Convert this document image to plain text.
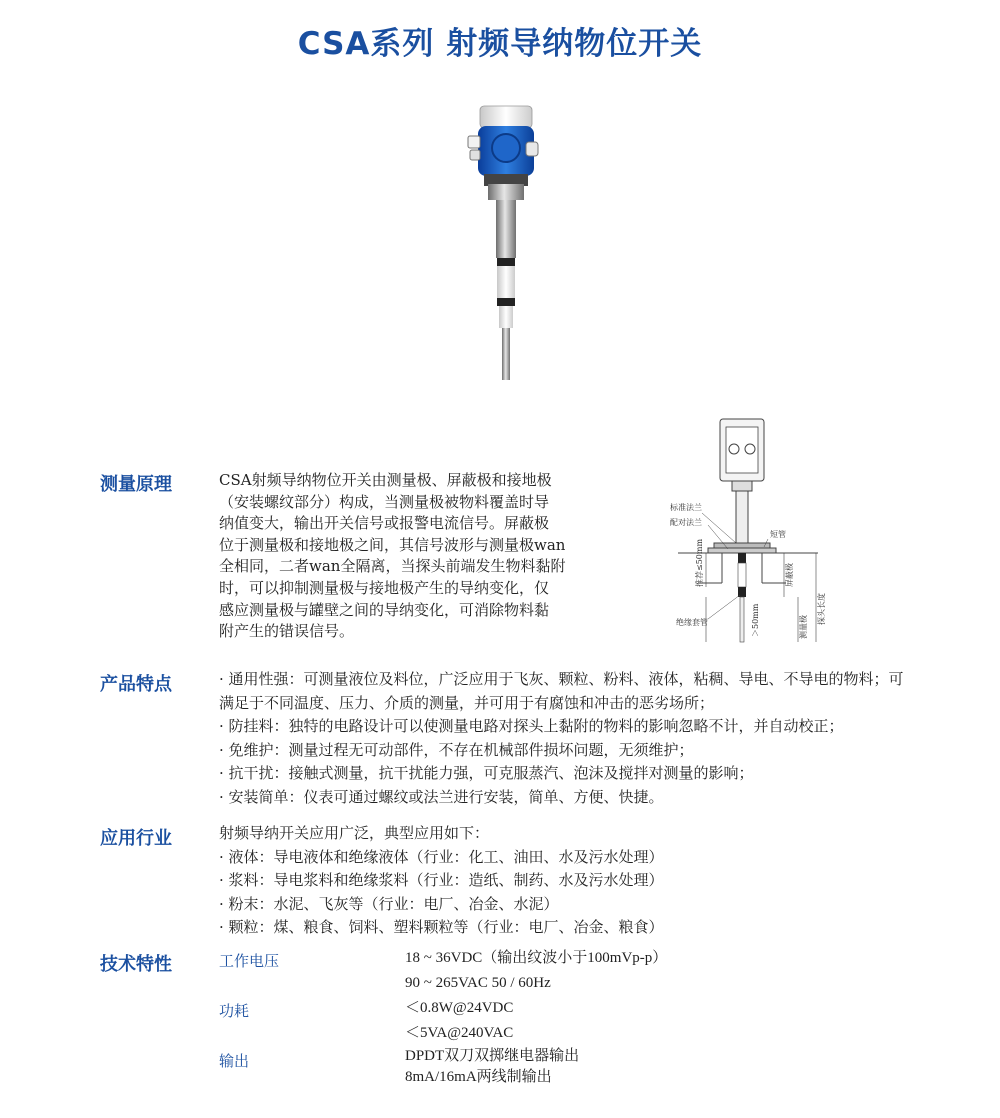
CSA系列 射频导纳物位开关
标准法兰
配对法兰
短管
推荐≤50mm	屏蔽极
探头长度
＞50mm	测量极
绝缘套管
测量原理	CSA射频导纳物位开关由测量极、屏蔽极和接地极
（安装螺纹部分）构成，当测量极被物料覆盖时导
纳值变大，输出开关信号或报警电流信号。屏蔽极
位于测量极和接地极之间，其信号波形与测量极wan
全相同，二者wan全隔离，当探头前端发生物料黏附
时，可以抑制测量极与接地极产生的导纳变化，仅
感应测量极与罐壁之间的导纳变化，可消除物料黏
附产生的错误信号。
产品特点	· 通用性强：可测量液位及料位，广泛应用于飞灰、颗粒、粉料、液体，粘稠、导电、不导电的物料；可满足于不同温度、压力、介质的测量，并可用于有腐蚀和冲击的恶劣场所；
· 防挂料：独特的电路设计可以使测量电路对探头上黏附的物料的影响忽略不计，并自动校正；
· 免维护：测量过程无可动部件，不存在机械部件损坏问题，无须维护；
· 抗干扰：接触式测量，抗干扰能力强，可克服蒸汽、泡沫及搅拌对测量的影响；
· 安装简单：仪表可通过螺纹或法兰进行安装，简单、方便、快捷。
应用行业	射频导纳开关应用广泛，典型应用如下：
· 液体：导电液体和绝缘液体（行业：化工、油田、水及污水处理）
· 浆料：导电浆料和绝缘浆料（行业：造纸、制药、水及污水处理）
· 粉末：水泥、飞灰等（行业：电厂、冶金、水泥）
· 颗粒：煤、粮食、饲料、塑料颗粒等（行业：电厂、冶金、粮食）
技术特性	工作电压	18 ~ 36VDC（输出纹波小于100mVp-p）
90 ~ 265VAC 50 / 60Hz
功耗	＜0.8W@24VDC
＜5VA@240VAC
输出	DPDT双刀双掷继电器输出
8mA/16mA两线制输出
